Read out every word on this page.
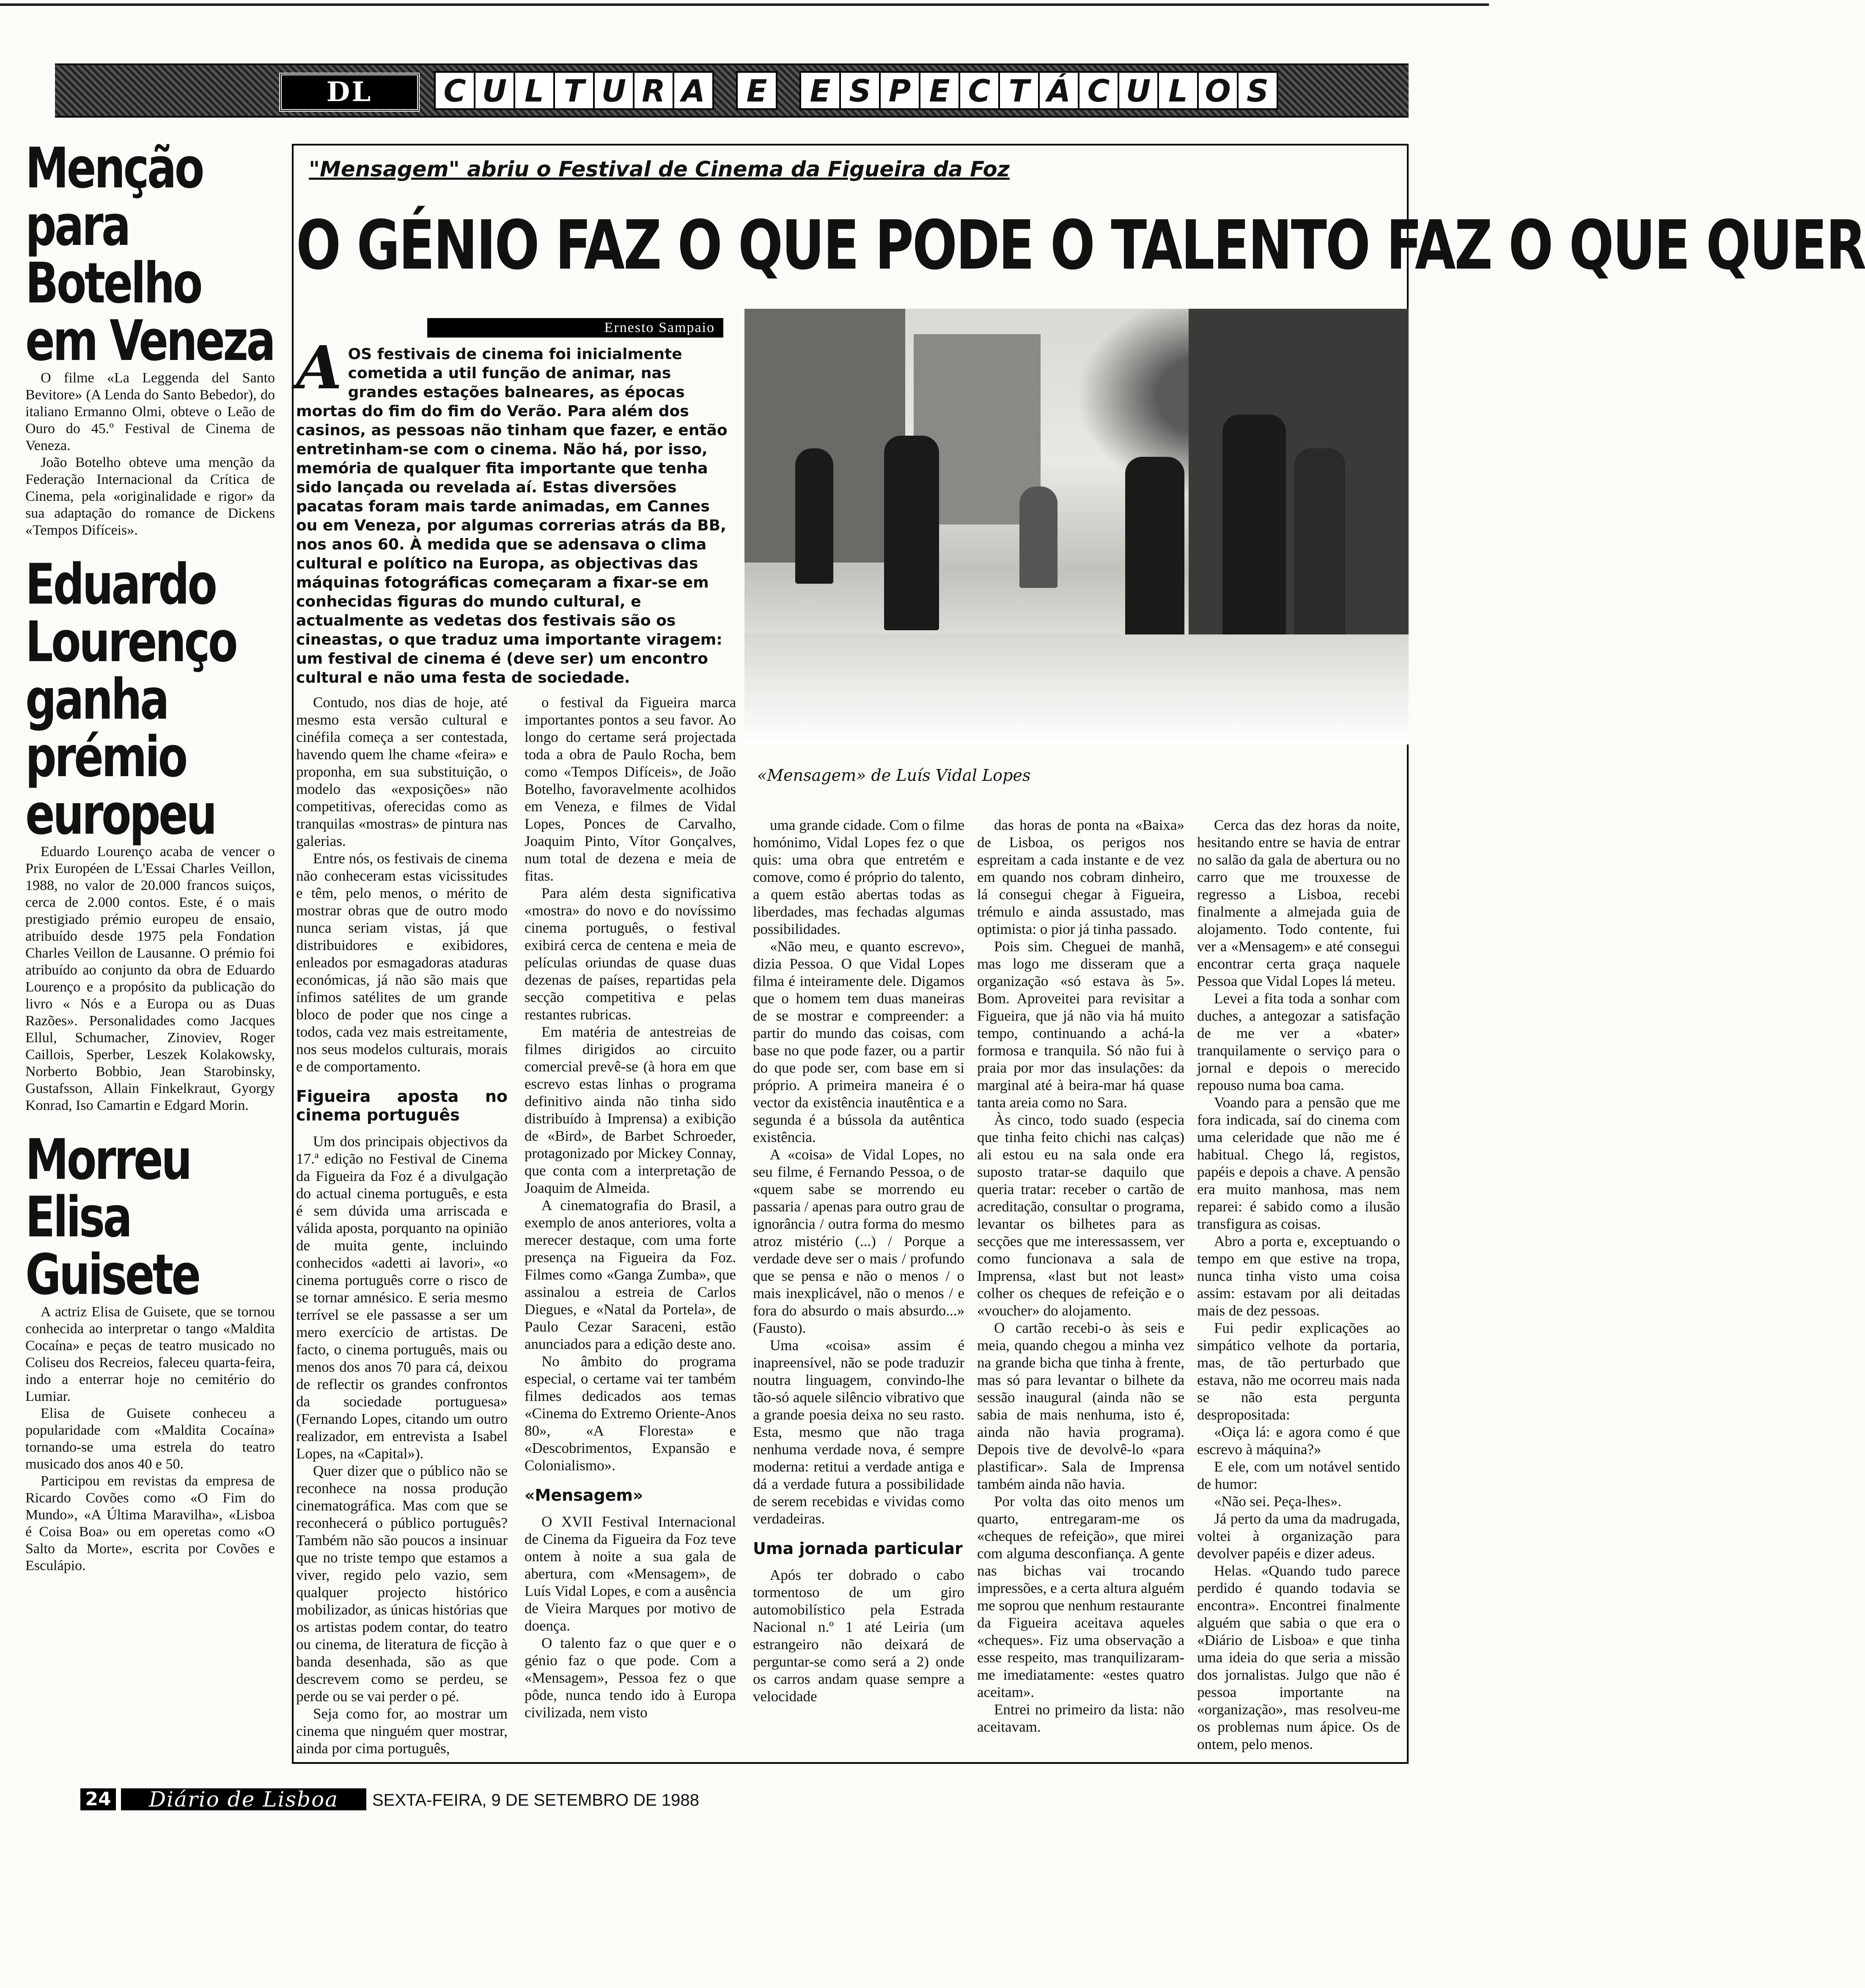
DL	C U L T U R A	E	E S P E C T Á C U L O S
Menção para Botelho em Veneza

O filme «La Leggenda del Santo Bevitore» (A Lenda do Santo Bebedor), do italiano Ermanno Olmi, obteve o Leão de Ouro do 45.º Festival de Cinema de Veneza.

João Botelho obteve uma menção da Federação Internacional da Crítica de Cinema, pela «originalidade e rigor» da sua adaptação do romance de Dickens «Tempos Difíceis».

Eduardo Lourenço ganha prémio europeu

Eduardo Lourenço acaba de vencer o Prix Européen de L'Essai Charles Veillon, 1988, no valor de 20.000 francos suiços, cerca de 2.000 contos. Este, é o mais prestigiado prémio europeu de ensaio, atribuído desde 1975 pela Fondation Charles Veillon de Lausanne. O prémio foi atribuído ao conjunto da obra de Eduardo Lourenço e a propósito da publicação do livro « Nós e a Europa ou as Duas Razões». Personalidades como Jacques Ellul, Schumacher, Zinoviev, Roger Caillois, Sperber, Leszek Kolakowsky, Norberto Bobbio, Jean Starobinsky, Gustafsson, Allain Finkelkraut, Gyorgy Konrad, Iso Camartin e Edgard Morin.

Morreu Elisa Guisete

A actriz Elisa de Guisete, que se tornou conhecida ao interpretar o tango «Maldita Cocaína» e peças de teatro musicado no Coliseu dos Recreios, faleceu quarta-feira, indo a enterrar hoje no cemitério do Lumiar.

Elisa de Guisete conheceu a popularidade com «Maldita Cocaína» tornando-se uma estrela do teatro musicado dos anos 40 e 50.

Participou em revistas da empresa de Ricardo Covões como «O Fim do Mundo», «A Última Maravilha», «Lisboa é Coisa Boa» ou em operetas como «O Salto da Morte», escrita por Covões e Esculápio.

"Mensagem" abriu o Festival de Cinema da Figueira da Foz
O GÉNIO FAZ O QUE PODE O TALENTO FAZ O QUE QUER
Ernesto Sampaio
AOS festivais de cinema foi inicialmente cometida a util função de animar, nas grandes estações balneares, as épocas mortas do fim do fim do Verão. Para além dos casinos, as pessoas não tinham que fazer, e então entretinham-se com o cinema. Não há, por isso, memória de qualquer fita importante que tenha sido lançada ou revelada aí. Estas diversões pacatas foram mais tarde animadas, em Cannes ou em Veneza, por algumas correrias atrás da BB, nos anos 60. À medida que se adensava o clima cultural e político na Europa, as objectivas das máquinas fotográficas começaram a fixar-se em conhecidas figuras do mundo cultural, e actualmente as vedetas dos festivais são os cineastas, o que traduz uma importante viragem: um festival de cinema é (deve ser) um encontro cultural e não uma festa de sociedade.
«Mensagem» de Luís Vidal Lopes

Contudo, nos dias de hoje, até mesmo esta versão cultural e cinéfila começa a ser contestada, havendo quem lhe chame «feira» e proponha, em sua substituição, o modelo das «exposições» não competitivas, oferecidas como as tranquilas «mostras» de pintura nas galerias.

Entre nós, os festivais de cinema não conheceram estas vicissitudes e têm, pelo menos, o mérito de mostrar obras que de outro modo nunca seriam vistas, já que distribuidores e exibidores, enleados por esmagadoras ataduras económicas, já não são mais que ínfimos satélites de um grande bloco de poder que nos cinge a todos, cada vez mais estreitamente, nos seus modelos culturais, morais e de comportamento.

Figueira aposta no cinema português

Um dos principais objectivos da 17.ª edição no Festival de Cinema da Figueira da Foz é a divulgação do actual cinema português, e esta é sem dúvida uma arriscada e válida aposta, porquanto na opinião de muita gente, incluindo conhecidos «adetti ai lavori», «o cinema português corre o risco de se tornar amnésico. E seria mesmo terrível se ele passasse a ser um mero exercício de artistas. De facto, o cinema português, mais ou menos dos anos 70 para cá, deixou de reflectir os grandes confrontos da sociedade portuguesa» (Fernando Lopes, citando um outro realizador, em entrevista a Isabel Lopes, na «Capital»).

Quer dizer que o público não se reconhece na nossa produção cinematográfica. Mas com que se reconhecerá o público português? Também não são poucos a insinuar que no triste tempo que estamos a viver, regido pelo vazio, sem qualquer projecto histórico mobilizador, as únicas histórias que os artistas podem contar, do teatro ou cinema, de literatura de ficção à banda desenhada, são as que descrevem como se perdeu, se perde ou se vai perder o pé.

Seja como for, ao mostrar um cinema que ninguém quer mostrar, ainda por cima português,

o festival da Figueira marca importantes pontos a seu favor. Ao longo do certame será projectada toda a obra de Paulo Rocha, bem como «Tempos Difíceis», de João Botelho, favoravelmente acolhidos em Veneza, e filmes de Vidal Lopes, Ponces de Carvalho, Joaquim Pinto, Vítor Gonçalves, num total de dezena e meia de fitas.

Para além desta significativa «mostra» do novo e do novíssimo cinema português, o festival exibirá cerca de centena e meia de películas oriundas de quase duas dezenas de países, repartidas pela secção competitiva e pelas restantes rubricas.

Em matéria de antestreias de filmes dirigidos ao circuito comercial prevê-se (à hora em que escrevo estas linhas o programa definitivo ainda não tinha sido distribuído à Imprensa) a exibição de «Bird», de Barbet Schroeder, protagonizado por Mickey Connay, que conta com a interpretação de Joaquim de Almeida.

A cinematografia do Brasil, a exemplo de anos anteriores, volta a merecer destaque, com uma forte presença na Figueira da Foz. Filmes como «Ganga Zumba», que assinalou a estreia de Carlos Diegues, e «Natal da Portela», de Paulo Cezar Saraceni, estão anunciados para a edição deste ano.

No âmbito do programa especial, o certame vai ter também filmes dedicados aos temas «Cinema do Extremo Oriente-Anos 80», «A Floresta» e «Descobrimentos, Expansão e Colonialismo».

«Mensagem»

O XVII Festival Internacional de Cinema da Figueira da Foz teve ontem à noite a sua gala de abertura, com «Mensagem», de Luís Vidal Lopes, e com a ausência de Vieira Marques por motivo de doença.

O talento faz o que quer e o génio faz o que pode. Com a «Mensagem», Pessoa fez o que pôde, nunca tendo ido à Europa civilizada, nem visto

uma grande cidade. Com o filme homónimo, Vidal Lopes fez o que quis: uma obra que entretém e comove, como é próprio do talento, a quem estão abertas todas as liberdades, mas fechadas algumas possibilidades.

«Não meu, e quanto escrevo», dizia Pessoa. O que Vidal Lopes filma é inteiramente dele. Digamos que o homem tem duas maneiras de se mostrar e compreender: a partir do mundo das coisas, com base no que pode fazer, ou a partir do que pode ser, com base em si próprio. A primeira maneira é o vector da existência inautêntica e a segunda é a bússola da autêntica existência.

A «coisa» de Vidal Lopes, no seu filme, é Fernando Pessoa, o de «quem sabe se morrendo eu passaria / apenas para outro grau de ignorância / outra forma do mesmo atroz mistério (...) / Porque a verdade deve ser o mais / profundo que se pensa e não o menos / o mais inexplicável, não o menos / e fora do absurdo o mais absurdo...» (Fausto).

Uma «coisa» assim é inapreensível, não se pode traduzir noutra linguagem, convindo-lhe tão-só aquele silêncio vibrativo que a grande poesia deixa no seu rasto. Esta, mesmo que não traga nenhuma verdade nova, é sempre moderna: retitui a verdade antiga e dá a verdade futura a possibilidade de serem recebidas e vividas como verdadeiras.

Uma jornada particular

Após ter dobrado o cabo tormentoso de um giro automobilístico pela Estrada Nacional n.º 1 até Leiria (um estrangeiro não deixará de perguntar-se como será a 2) onde os carros andam quase sempre a velocidade

das horas de ponta na «Baixa» de Lisboa, os perigos nos espreitam a cada instante e de vez em quando nos cobram dinheiro, lá consegui chegar à Figueira, trémulo e ainda assustado, mas optimista: o pior já tinha passado.

Pois sim. Cheguei de manhã, mas logo me disseram que a organização «só estava às 5». Bom. Aproveitei para revisitar a Figueira, que já não via há muito tempo, continuando a achá-la formosa e tranquila. Só não fui à praia por mor das insulações: da marginal até à beira-mar há quase tanta areia como no Sara.

Às cinco, todo suado (especia que tinha feito chichi nas calças) ali estou eu na sala onde era suposto tratar-se daquilo que queria tratar: receber o cartão de acreditação, consultar o programa, levantar os bilhetes para as secções que me interessassem, ver como funcionava a sala de Imprensa, «last but not least» colher os cheques de refeição e o «voucher» do alojamento.

O cartão recebi-o às seis e meia, quando chegou a minha vez na grande bicha que tinha à frente, mas só para levantar o bilhete da sessão inaugural (ainda não se sabia de mais nenhuma, isto é, ainda não havia programa). Depois tive de devolvê-lo «para plastificar». Sala de Imprensa também ainda não havia.

Por volta das oito menos um quarto, entregaram-me os «cheques de refeição», que mirei com alguma desconfiança. A gente nas bichas vai trocando impressões, e a certa altura alguém me soprou que nenhum restaurante da Figueira aceitava aqueles «cheques». Fiz uma observação a esse respeito, mas tranquilizaram-me imediatamente: «estes quatro aceitam».

Entrei no primeiro da lista: não aceitavam.

Cerca das dez horas da noite, hesitando entre se havia de entrar no salão da gala de abertura ou no carro que me trouxesse de regresso a Lisboa, recebi finalmente a almejada guia de alojamento. Todo contente, fui ver a «Mensagem» e até consegui encontrar certa graça naquele Pessoa que Vidal Lopes lá meteu.

Levei a fita toda a sonhar com duches, a antegozar a satisfação de me ver a «bater» tranquilamente o serviço para o jornal e depois o merecido repouso numa boa cama.

Voando para a pensão que me fora indicada, saí do cinema com uma celeridade que não me é habitual. Chego lá, registos, papéis e depois a chave. A pensão era muito manhosa, mas nem reparei: é sabido como a ilusão transfigura as coisas.

Abro a porta e, exceptuando o tempo em que estive na tropa, nunca tinha visto uma coisa assim: estavam por ali deitadas mais de dez pessoas.

Fui pedir explicações ao simpático velhote da portaria, mas, de tão perturbado que estava, não me ocorreu mais nada se não esta pergunta despropositada:

«Oiça lá: e agora como é que escrevo à máquina?»

E ele, com um notável sentido de humor:

«Não sei. Peça-lhes».

Já perto da uma da madrugada, voltei à organização para devolver papéis e dizer adeus.

Helas. «Quando tudo parece perdido é quando todavia se encontra». Encontrei finalmente alguém que sabia o que era o «Diário de Lisboa» e que tinha uma ideia do que seria a missão dos jornalistas. Julgo que não é pessoa importante na «organização», mas resolveu-me os problemas num ápice. Os de ontem, pelo menos.

24	Diário de Lisboa	SEXTA-FEIRA, 9 DE SETEMBRO DE 1988
